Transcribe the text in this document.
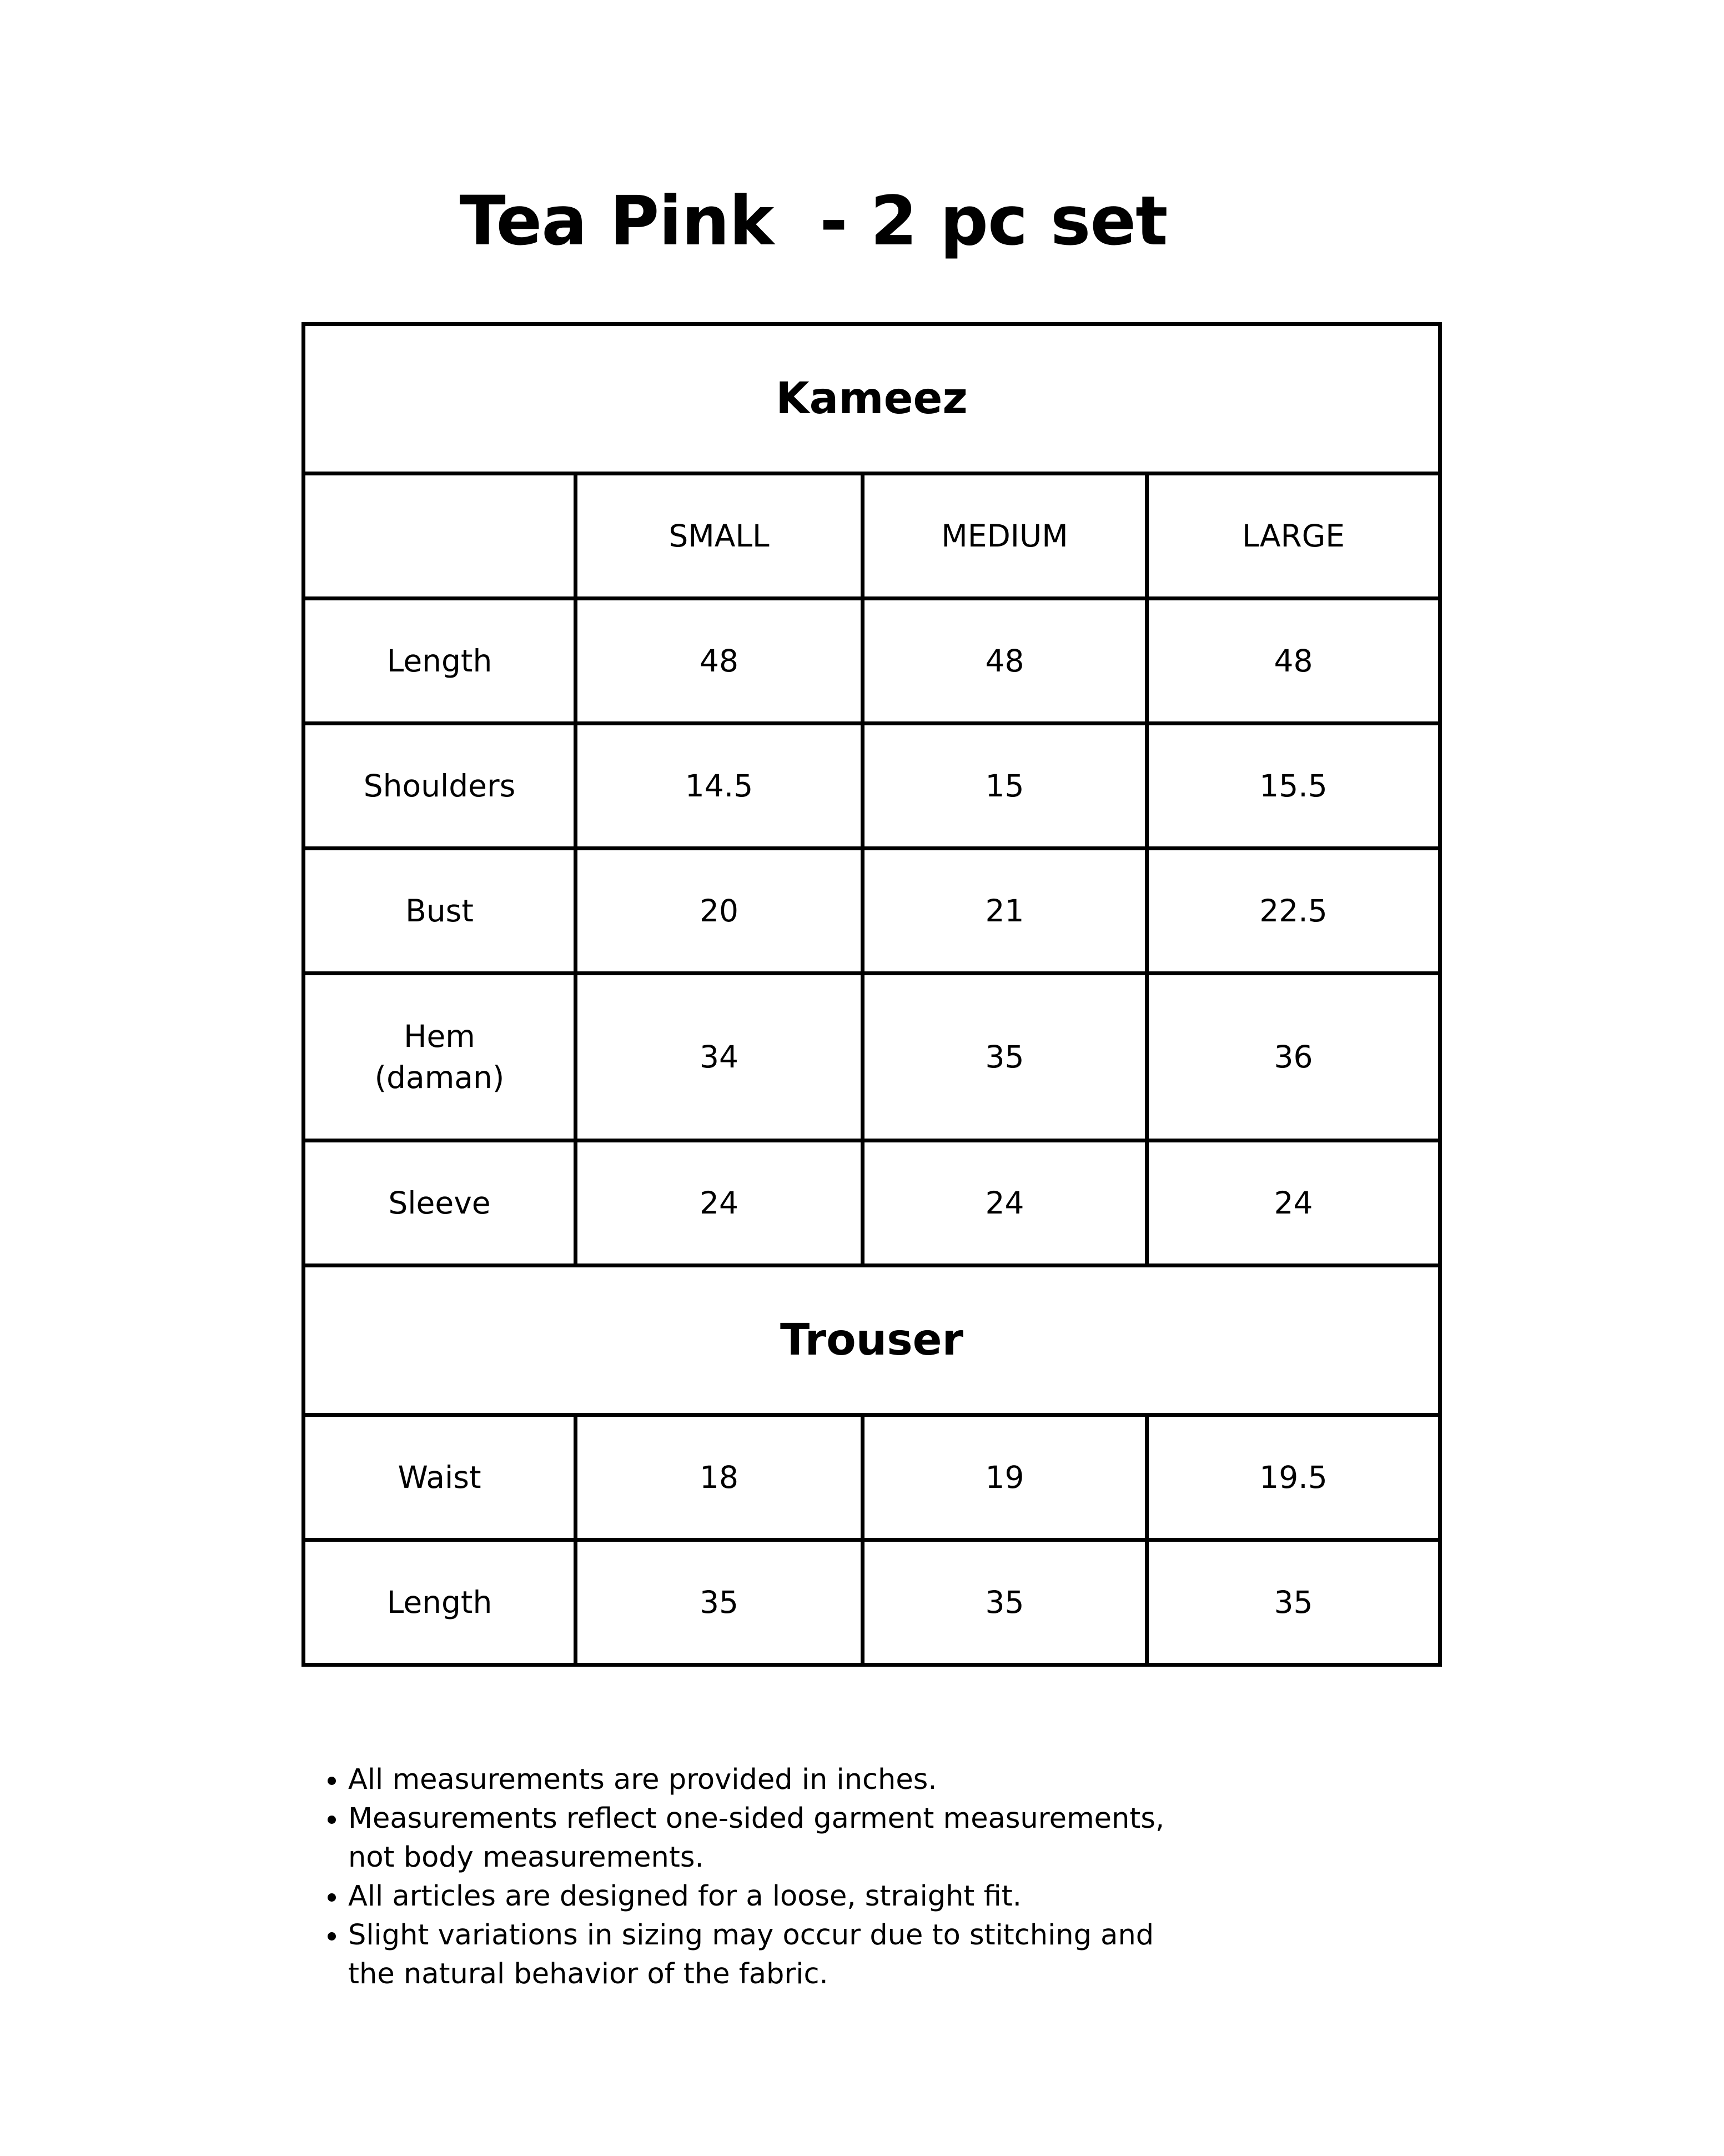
Tea Pink  - 2 pc set
Kameez			
	SMALL	MEDIUM	LARGE
Length	48	48	48
Shoulders	14.5	15	15.5
Bust	20	21	22.5
Hem
(daman)	34	35	36
Sleeve	24	24	24
Trouser			
Waist	18	19	19.5
Length	35	35	35
• All measurements are provided in inches.
• Measurements reflect one-sided garment measurements, not body measurements.
• All articles are designed for a loose, straight fit.
• Slight variations in sizing may occur due to stitching and the natural behavior of the fabric.
